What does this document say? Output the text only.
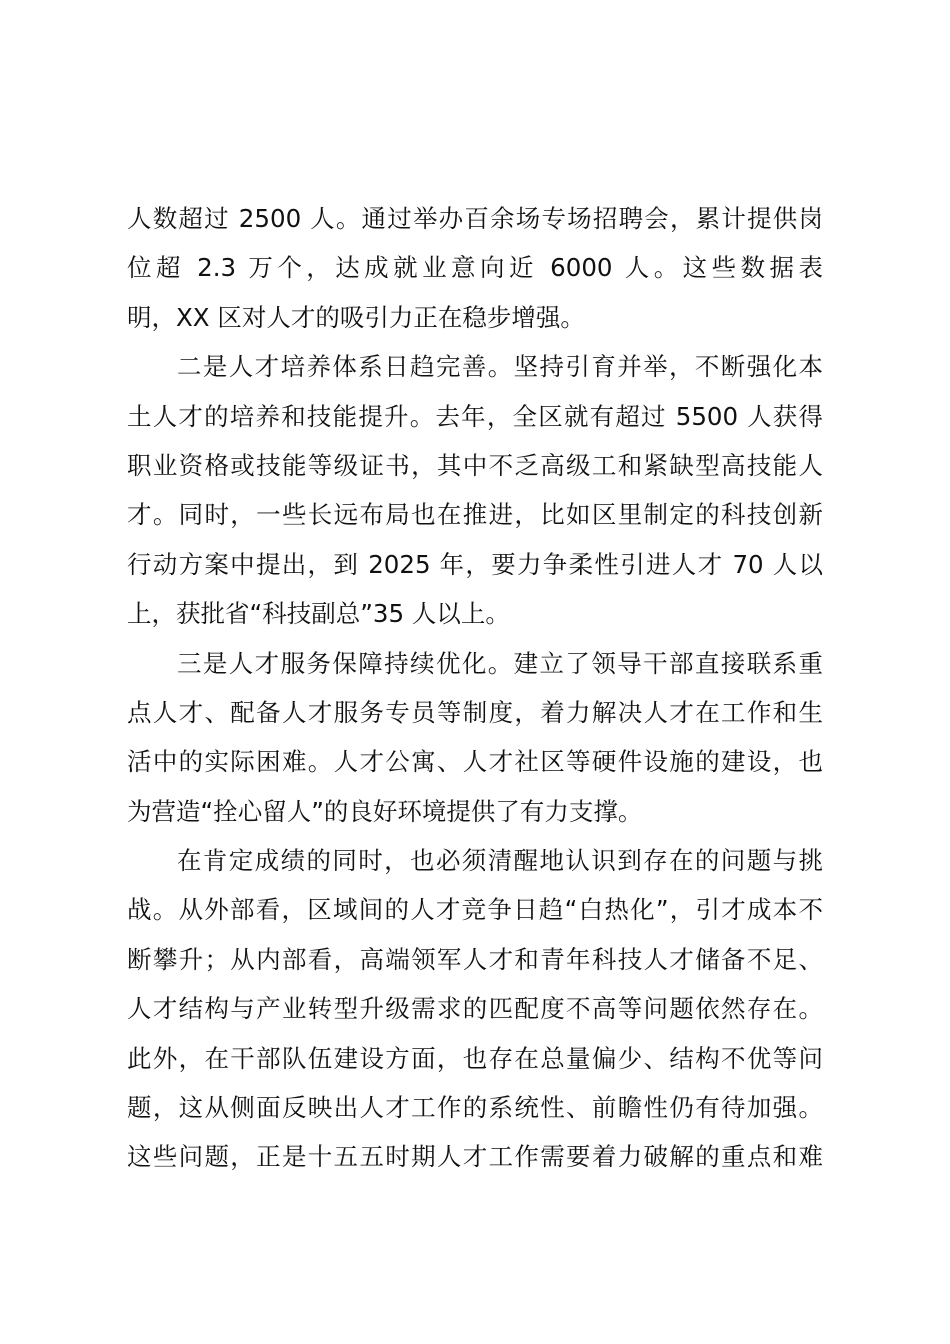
人数超过 2500 人。通过举办百余场专场招聘会，累计提供岗
位超 2.3 万个，达成就业意向近 6000 人。这些数据表
明，XX 区对人才的吸引力正在稳步增强。
二是人才培养体系日趋完善。坚持引育并举，不断强化本
土人才的培养和技能提升。去年，全区就有超过 5500 人获得
职业资格或技能等级证书，其中不乏高级工和紧缺型高技能人
才。同时，一些长远布局也在推进，比如区里制定的科技创新
行动方案中提出，到 2025 年，要力争柔性引进人才 70 人以
上，获批省“科技副总”35 人以上。
三是人才服务保障持续优化。建立了领导干部直接联系重
点人才、配备人才服务专员等制度，着力解决人才在工作和生
活中的实际困难。人才公寓、人才社区等硬件设施的建设，也
为营造“拴心留人”的良好环境提供了有力支撑。
在肯定成绩的同时，也必须清醒地认识到存在的问题与挑
战。从外部看，区域间的人才竞争日趋“白热化”，引才成本不
断攀升；从内部看，高端领军人才和青年科技人才储备不足、
人才结构与产业转型升级需求的匹配度不高等问题依然存在。
此外，在干部队伍建设方面，也存在总量偏少、结构不优等问
题，这从侧面反映出人才工作的系统性、前瞻性仍有待加强。
这些问题，正是十五五时期人才工作需要着力破解的重点和难
